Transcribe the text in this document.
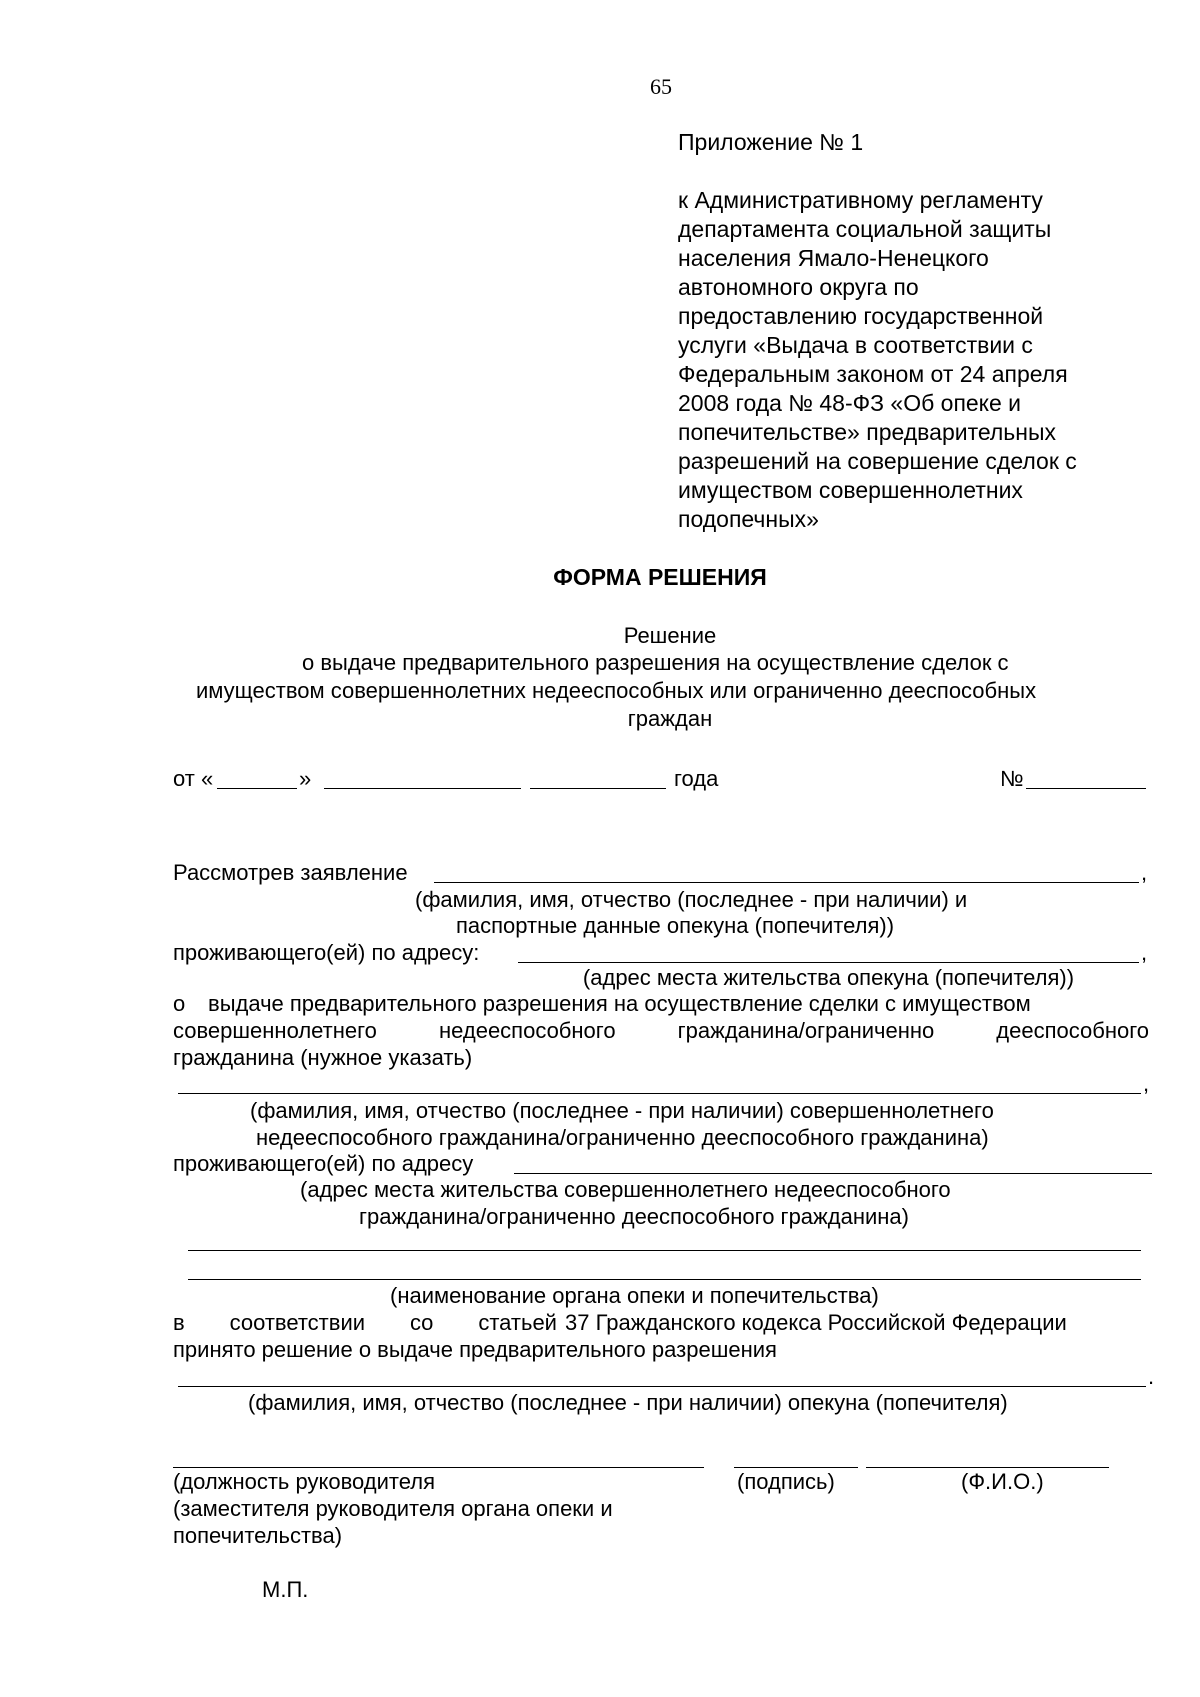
65
Приложение № 1
к Административному регламенту
департамента социальной защиты
населения Ямало-Ненецкого
автономного округа по
предоставлению государственной
услуги «Выдача в соответствии с
Федеральным законом от 24 апреля
2008 года № 48-ФЗ «Об опеке и
попечительстве» предварительных
разрешений на совершение сделок с
имуществом совершеннолетних
подопечных»
ФОРМА РЕШЕНИЯ
Решение
о выдаче предварительного разрешения на осуществление сделок с
имуществом совершеннолетних недееспособных или ограниченно дееспособных
граждан
от «	»	года	№
Рассмотрев заявление	,
(фамилия, имя, отчество (последнее - при наличии) и
паспортные данные опекуна (попечителя))
проживающего(ей) по адресу:	,
(адрес места жительства опекуна (попечителя))
о выдаче предварительного разрешения на осуществление сделки с имуществом
совершеннолетнего	недееспособного	гражданина/ограниченно	дееспособного
гражданина (нужное указать)
,
(фамилия, имя, отчество (последнее - при наличии) совершеннолетнего
недееспособного гражданина/ограниченно дееспособного гражданина)
проживающего(ей) по адресу
(адрес места жительства совершеннолетнего недееспособного
гражданина/ограниченно дееспособного гражданина)
(наименование органа опеки и попечительства)
в соответствии со статьей 37 Гражданского кодекса Российской Федерации
принято решение о выдаче предварительного разрешения
.
(фамилия, имя, отчество (последнее - при наличии) опекуна (попечителя)
(должность руководителя
(заместителя руководителя органа опеки и
попечительства)
(подпись)	(Ф.И.О.)
М.П.
